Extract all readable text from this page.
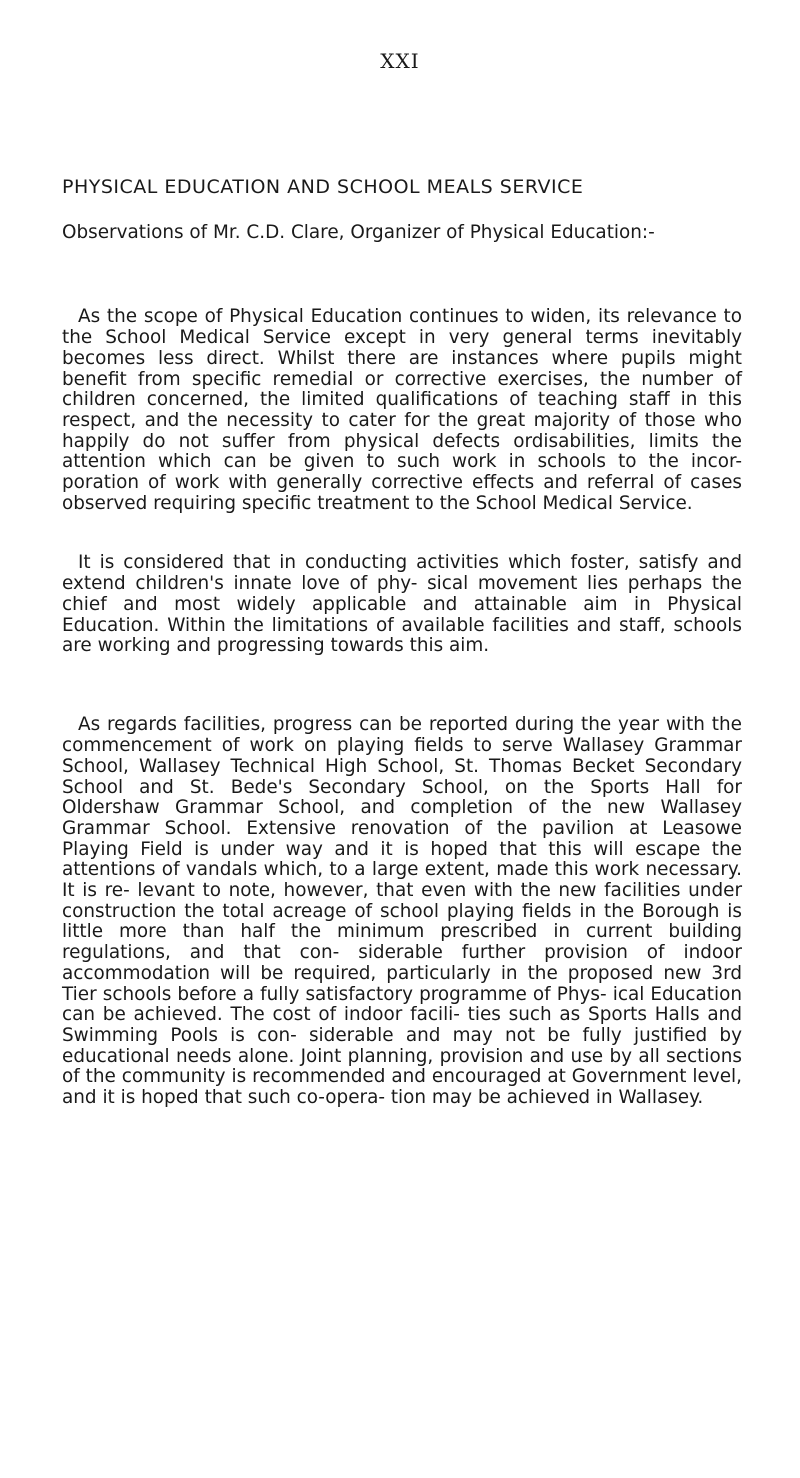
XXI
PHYSICAL EDUCATION AND SCHOOL MEALS SERVICE
Observations of Mr. C.D. Clare, Organizer of Physical Education:-

As the scope of Physical Education continues to widen, its relevance to the School Medical Service except in very general terms inevitably becomes less direct. Whilst there are instances where pupils might benefit from specific remedial or corrective exercises, the number of children concerned, the limited qualifications of teaching staff in this respect, and the necessity to cater for the great majority of those who happily do not suffer from physical defects ordisabilities, limits the attention which can be given to such work in schools to the incor- poration of work with generally corrective effects and referral of cases observed requiring specific treatment to the School Medical Service.

It is considered that in conducting activities which foster, satisfy and extend children's innate love of phy- sical movement lies perhaps the chief and most widely applicable and attainable aim in Physical Education. Within the limitations of available facilities and staff, schools are working and progressing towards this aim.

As regards facilities, progress can be reported during the year with the commencement of work on playing fields to serve Wallasey Grammar School, Wallasey Technical High School, St. Thomas Becket Secondary School and St. Bede's Secondary School, on the Sports Hall for Oldershaw Grammar School, and completion of the new Wallasey Grammar School. Extensive renovation of the pavilion at Leasowe Playing Field is under way and it is hoped that this will escape the attentions of vandals which, to a large extent, made this work necessary. It is re- levant to note, however, that even with the new facilities under construction the total acreage of school playing fields in the Borough is little more than half the minimum prescribed in current building regulations, and that con- siderable further provision of indoor accommodation will be required, particularly in the proposed new 3rd Tier schools before a fully satisfactory programme of Phys- ical Education can be achieved. The cost of indoor facili- ties such as Sports Halls and Swimming Pools is con- siderable and may not be fully justified by educational needs alone. Joint planning, provision and use by all sections of the community is recommended and encouraged at Government level, and it is hoped that such co-opera- tion may be achieved in Wallasey.
